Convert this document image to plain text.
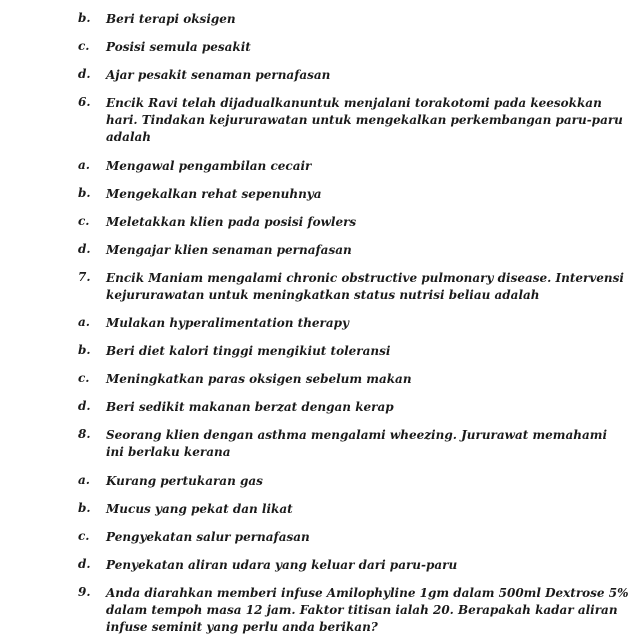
b. Beri terapi oksigen
c. Posisi semula pesakit
d. Ajar pesakit senaman pernafasan
6. Encik Ravi telah dijadualkanuntuk menjalani torakotomi pada keesokkan
hari. Tindakan kejururawatan untuk mengekalkan perkembangan paru-paru
adalah
a. Mengawal pengambilan cecair
b. Mengekalkan rehat sepenuhnya
c. Meletakkan klien pada posisi fowlers
d. Mengajar klien senaman pernafasan
7. Encik Maniam mengalami chronic obstructive pulmonary disease. Intervensi
kejururawatan untuk meningkatkan status nutrisi beliau adalah
a. Mulakan hyperalimentation therapy
b. Beri diet kalori tinggi mengikiut toleransi
c. Meningkatkan paras oksigen sebelum makan
d. Beri sedikit makanan berzat dengan kerap
8. Seorang klien dengan asthma mengalami wheezing. Jururawat memahami
ini berlaku kerana
a. Kurang pertukaran gas
b. Mucus yang pekat dan likat
c. Pengyekatan salur pernafasan
d. Penyekatan aliran udara yang keluar dari paru-paru
9. Anda diarahkan memberi infuse Amilophyline 1gm dalam 500ml Dextrose 5%
dalam tempoh masa 12 jam. Faktor titisan ialah 20. Berapakah kadar aliran
infuse seminit yang perlu anda berikan?
